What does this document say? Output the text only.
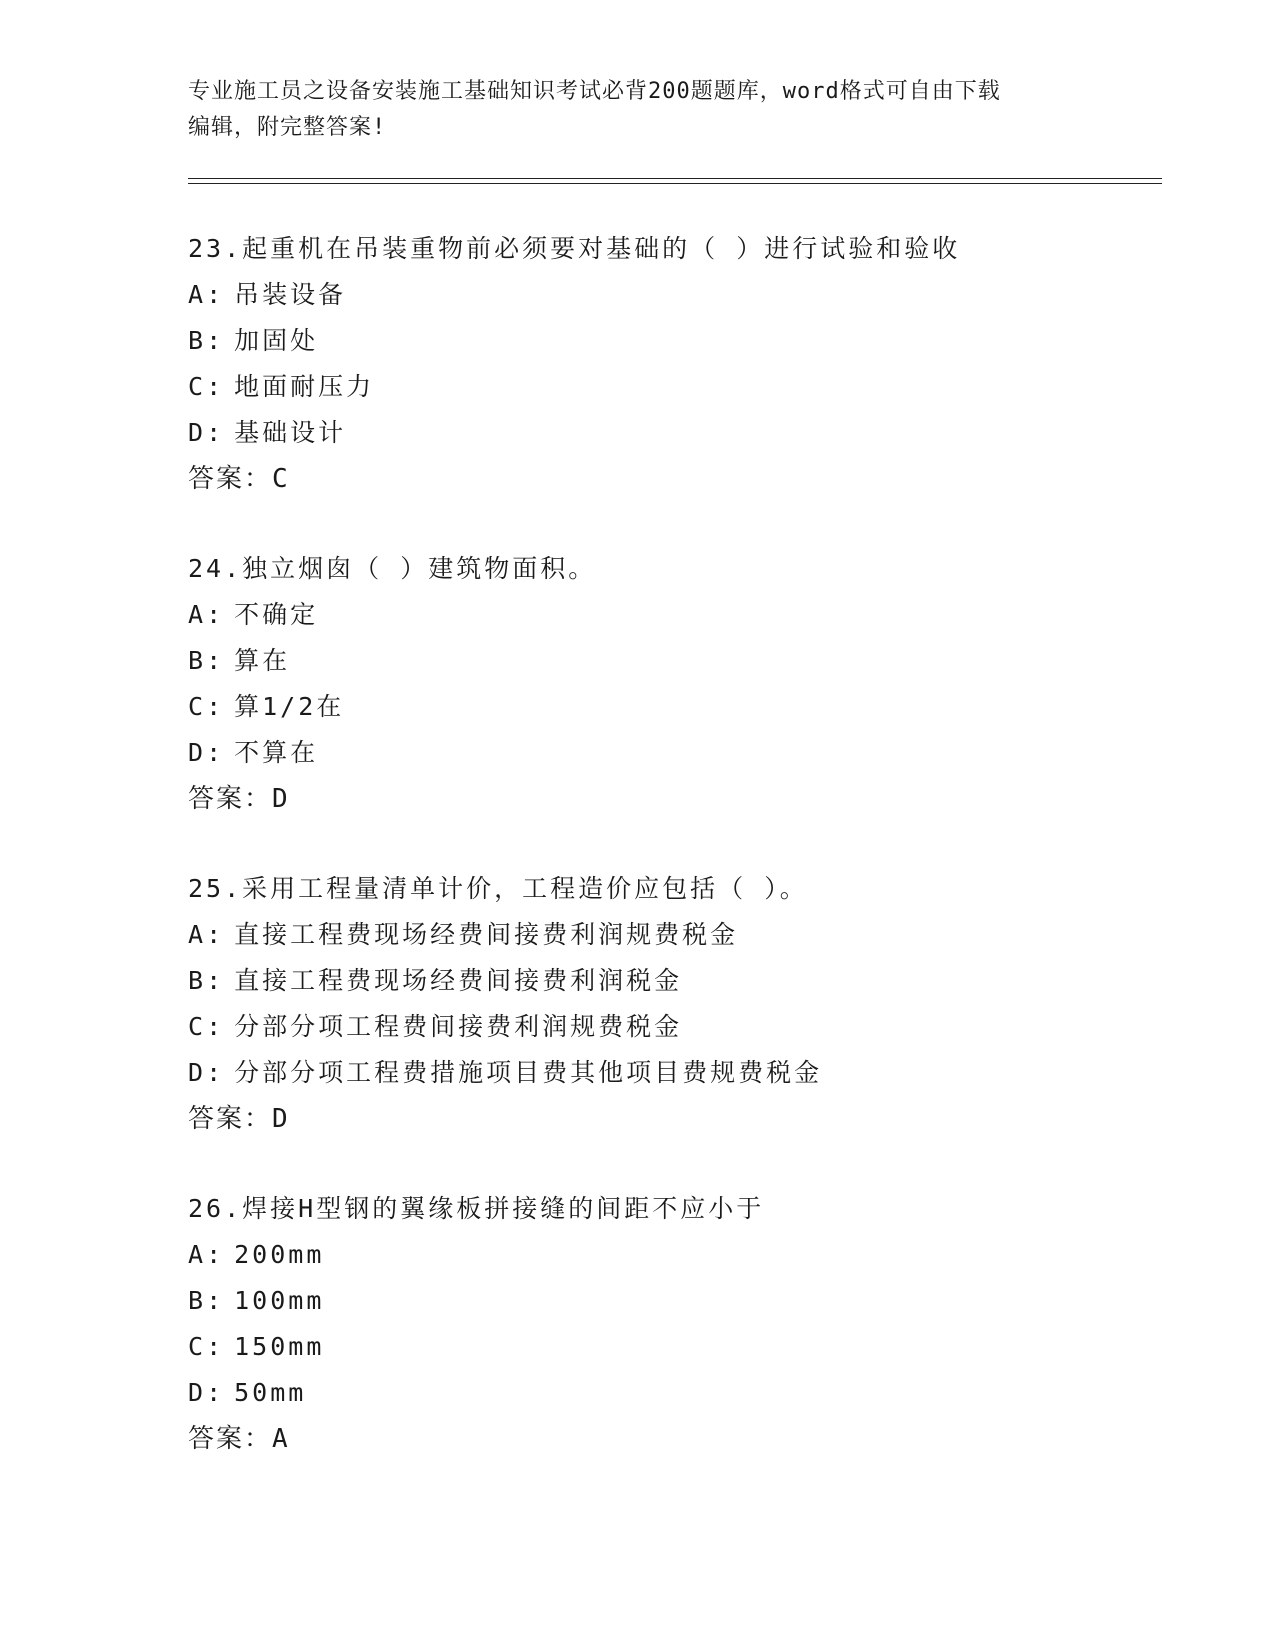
专业施工员之设备安装施工基础知识考试必背200题题库，word格式可自由下载
编辑，附完整答案!
23.起重机在吊装重物前必须要对基础的（ ）进行试验和验收
A: 吊装设备
B: 加固处
C: 地面耐压力
D: 基础设计
答案：C
24.独立烟囱（ ）建筑物面积。
A: 不确定
B: 算在
C: 算1/2在
D: 不算在
答案：D
25.采用工程量清单计价，工程造价应包括（ ）。
A: 直接工程费现场经费间接费利润规费税金
B: 直接工程费现场经费间接费利润税金
C: 分部分项工程费间接费利润规费税金
D: 分部分项工程费措施项目费其他项目费规费税金
答案：D
26.焊接H型钢的翼缘板拼接缝的间距不应小于
A: 200mm
B: 100mm
C: 150mm
D: 50mm
答案：A
